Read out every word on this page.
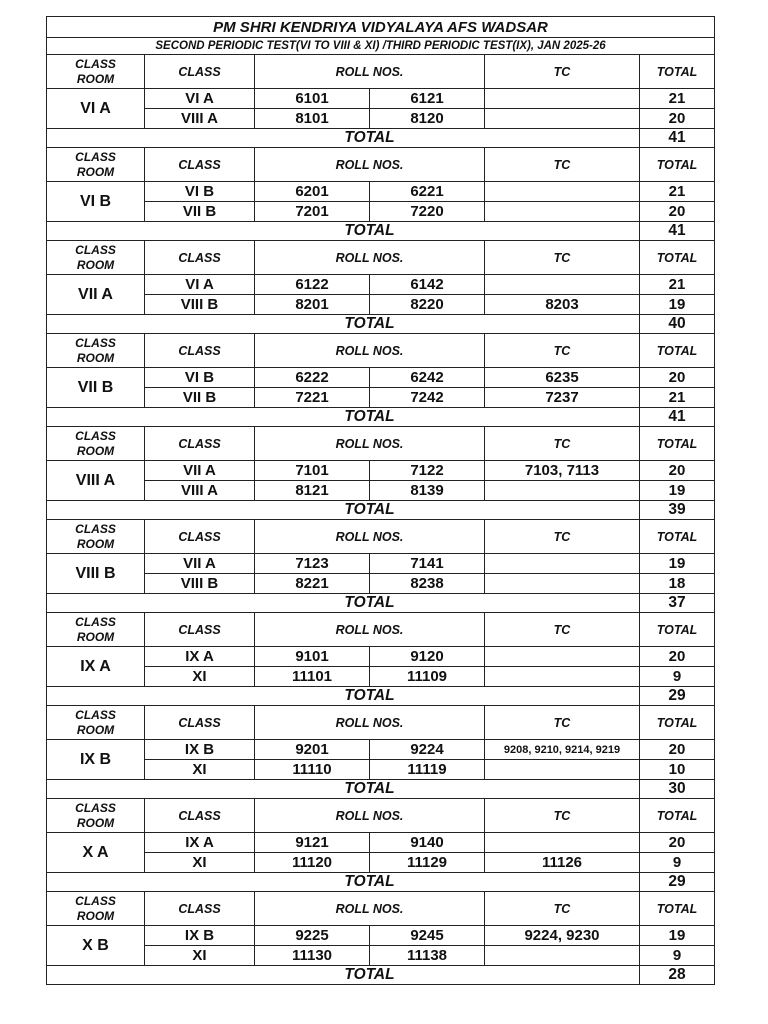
PM SHRI KENDRIYA VIDYALAYA AFS WADSAR					
SECOND PERIODIC TEST(VI TO VIII & XI) /THIRD PERIODIC TEST(IX), JAN 2025-26					

CLASS
ROOM	CLASS	ROLL NOS.		TC	TOTAL
VI A	VI A	6101	6121		21
	VIII A	8101	8120		20
		TOTAL			41

CLASS
ROOM	CLASS	ROLL NOS.		TC	TOTAL
VI B	VI B	6201	6221		21
	VII B	7201	7220		20
		TOTAL			41

CLASS
ROOM	CLASS	ROLL NOS.		TC	TOTAL
VII A	VI A	6122	6142		21
	VIII B	8201	8220	8203	19
		TOTAL			40

CLASS
ROOM	CLASS	ROLL NOS.		TC	TOTAL
VII B	VI B	6222	6242	6235	20
	VII B	7221	7242	7237	21
		TOTAL			41

CLASS
ROOM	CLASS	ROLL NOS.		TC	TOTAL
VIII A	VII A	7101	7122	7103, 7113	20
	VIII A	8121	8139		19
		TOTAL			39

CLASS
ROOM	CLASS	ROLL NOS.		TC	TOTAL
VIII B	VII A	7123	7141		19
	VIII B	8221	8238		18
		TOTAL			37

CLASS
ROOM	CLASS	ROLL NOS.		TC	TOTAL
IX A	IX A	9101	9120		20
	XI	11101	11109		9
		TOTAL			29

CLASS
ROOM	CLASS	ROLL NOS.		TC	TOTAL
IX B	IX B	9201	9224	9208, 9210, 9214, 9219	20
	XI	11110	11119		10
		TOTAL			30

CLASS
ROOM	CLASS	ROLL NOS.		TC	TOTAL
X A	IX A	9121	9140		20
	XI	11120	11129	11126	9
		TOTAL			29

CLASS
ROOM	CLASS	ROLL NOS.		TC	TOTAL
X B	IX B	9225	9245	9224, 9230	19
	XI	11130	11138		9
		TOTAL			28
